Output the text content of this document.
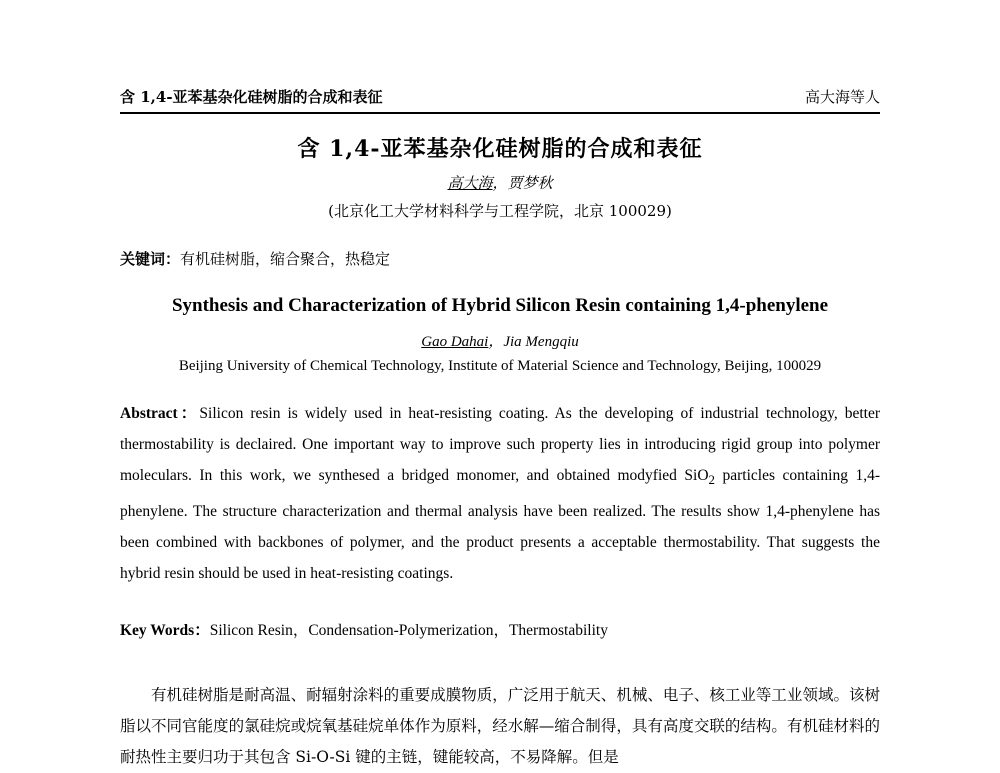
含 1,4-亚苯基杂化硅树脂的合成和表征	高大海等人
含 1,4-亚苯基杂化硅树脂的合成和表征
高大海，贾梦秋
(北京化工大学材料科学与工程学院，北京 100029)
关键词：有机硅树脂，缩合聚合，热稳定
Synthesis and Characterization of Hybrid Silicon Resin containing 1,4-phenylene
Gao Dahai，Jia Mengqiu
Beijing University of Chemical Technology, Institute of Material Science and Technology, Beijing, 100029
Abstract：Silicon resin is widely used in heat-resisting coating. As the developing of industrial technology, better thermostability is declaired. One important way to improve such property lies in introducing rigid group into polymer moleculars. In this work, we synthesed a bridged monomer, and obtained modyfied SiO$_2$ particles containing 1,4-phenylene. The structure characterization and thermal analysis have been realized. The results show 1,4-phenylene has been combined with backbones of polymer, and the product presents a acceptable thermostability. That suggests the hybrid resin should be used in heat-resisting coatings.
Key Words：Silicon Resin，Condensation-Polymerization，Thermostability
有机硅树脂是耐高温、耐辐射涂料的重要成膜物质，广泛用于航天、机械、电子、核工业等工业领域。该树脂以不同官能度的氯硅烷或烷氧基硅烷单体作为原料，经水解—缩合制得，具有高度交联的结构。有机硅材料的耐热性主要归功于其包含 Si-O-Si 键的主链，键能较高，不易降解。但是
